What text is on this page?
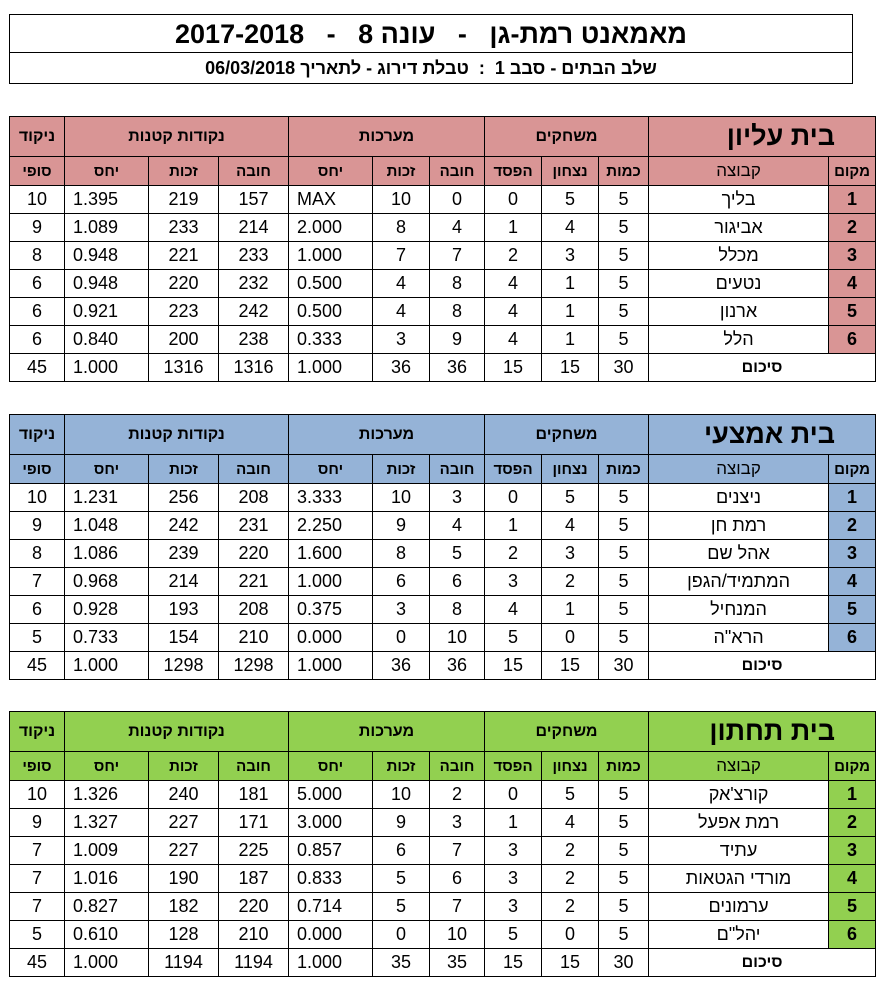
מאמאנט רמת-גן   -   עונה 8   -   2017-2018
שלב הבתים - סבב 1  :  טבלת דירוג - לתאריך 06/03/2018
בית עליון		משחקים			מערכות			נקודות קטנות			ניקוד
מקום	קבוצה	כמות	נצחון	הפסד	חובה	זכות	יחס	חובה	זכות	יחס	סופי
1	בליך	5	5	0	0	10	MAX	157	219	1.395	10
2	אביגור	5	4	1	4	8	2.000	214	233	1.089	9
3	מכלל	5	3	2	7	7	1.000	233	221	0.948	8
4	נטעים	5	1	4	8	4	0.500	232	220	0.948	6
5	ארנון	5	1	4	8	4	0.500	242	223	0.921	6
6	הלל	5	1	4	9	3	0.333	238	200	0.840	6
סיכום		30	15	15	36	36	1.000	1316	1316	1.000	45
בית אמצעי		משחקים			מערכות			נקודות קטנות			ניקוד
מקום	קבוצה	כמות	נצחון	הפסד	חובה	זכות	יחס	חובה	זכות	יחס	סופי
1	ניצנים	5	5	0	3	10	3.333	208	256	1.231	10
2	רמת חן	5	4	1	4	9	2.250	231	242	1.048	9
3	אהל שם	5	3	2	5	8	1.600	220	239	1.086	8
4	המתמיד/הגפן	5	2	3	6	6	1.000	221	214	0.968	7
5	המנחיל	5	1	4	8	3	0.375	208	193	0.928	6
6	הרא"ה	5	0	5	10	0	0.000	210	154	0.733	5
סיכום		30	15	15	36	36	1.000	1298	1298	1.000	45
בית תחתון		משחקים			מערכות			נקודות קטנות			ניקוד
מקום	קבוצה	כמות	נצחון	הפסד	חובה	זכות	יחס	חובה	זכות	יחס	סופי
1	קורצ'אק	5	5	0	2	10	5.000	181	240	1.326	10
2	רמת אפעל	5	4	1	3	9	3.000	171	227	1.327	9
3	עתיד	5	2	3	7	6	0.857	225	227	1.009	7
4	מורדי הגטאות	5	2	3	6	5	0.833	187	190	1.016	7
5	ערמונים	5	2	3	7	5	0.714	220	182	0.827	7
6	יהל"ם	5	0	5	10	0	0.000	210	128	0.610	5
סיכום		30	15	15	35	35	1.000	1194	1194	1.000	45
